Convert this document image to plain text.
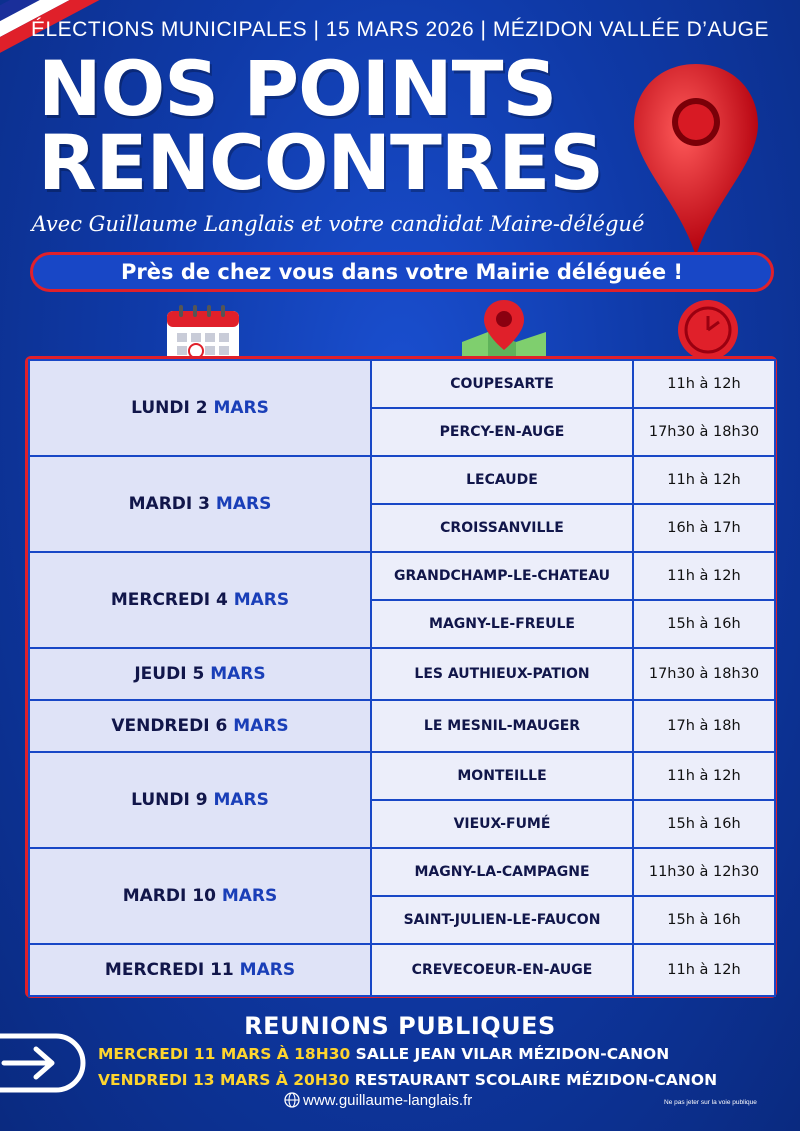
ÉLECTIONS MUNICIPALES | 15 MARS 2026 | MÉZIDON VALLÉE D’AUGE
NOS POINTS
RENCONTRES
Avec Guillaume Langlais et votre candidat Maire-délégué
Près de chez vous dans votre Mairie déléguée !
LUNDI 2 MARS	COUPESARTE	11h à 12h
	PERCY-EN-AUGE	17h30 à 18h30
MARDI 3 MARS	LECAUDE	11h à 12h
	CROISSANVILLE	16h à 17h
MERCREDI 4 MARS	GRANDCHAMP-LE-CHATEAU	11h à 12h
	MAGNY-LE-FREULE	15h à 16h
JEUDI 5 MARS	LES AUTHIEUX-PATION	17h30 à 18h30
VENDREDI 6 MARS	LE MESNIL-MAUGER	17h à 18h
LUNDI 9 MARS	MONTEILLE	11h à 12h
	VIEUX-FUMÉ	15h à 16h
MARDI 10 MARS	MAGNY-LA-CAMPAGNE	11h30 à 12h30
	SAINT-JULIEN-LE-FAUCON	15h à 16h
MERCREDI 11 MARS	CREVECOEUR-EN-AUGE	11h à 12h
REUNIONS PUBLIQUES
MERCREDI 11 MARS À 18H30 SALLE JEAN VILAR MÉZIDON-CANON
VENDREDI 13 MARS À 20H30 RESTAURANT SCOLAIRE MÉZIDON-CANON
www.guillaume-langlais.fr	Ne pas jeter sur la voie publique
